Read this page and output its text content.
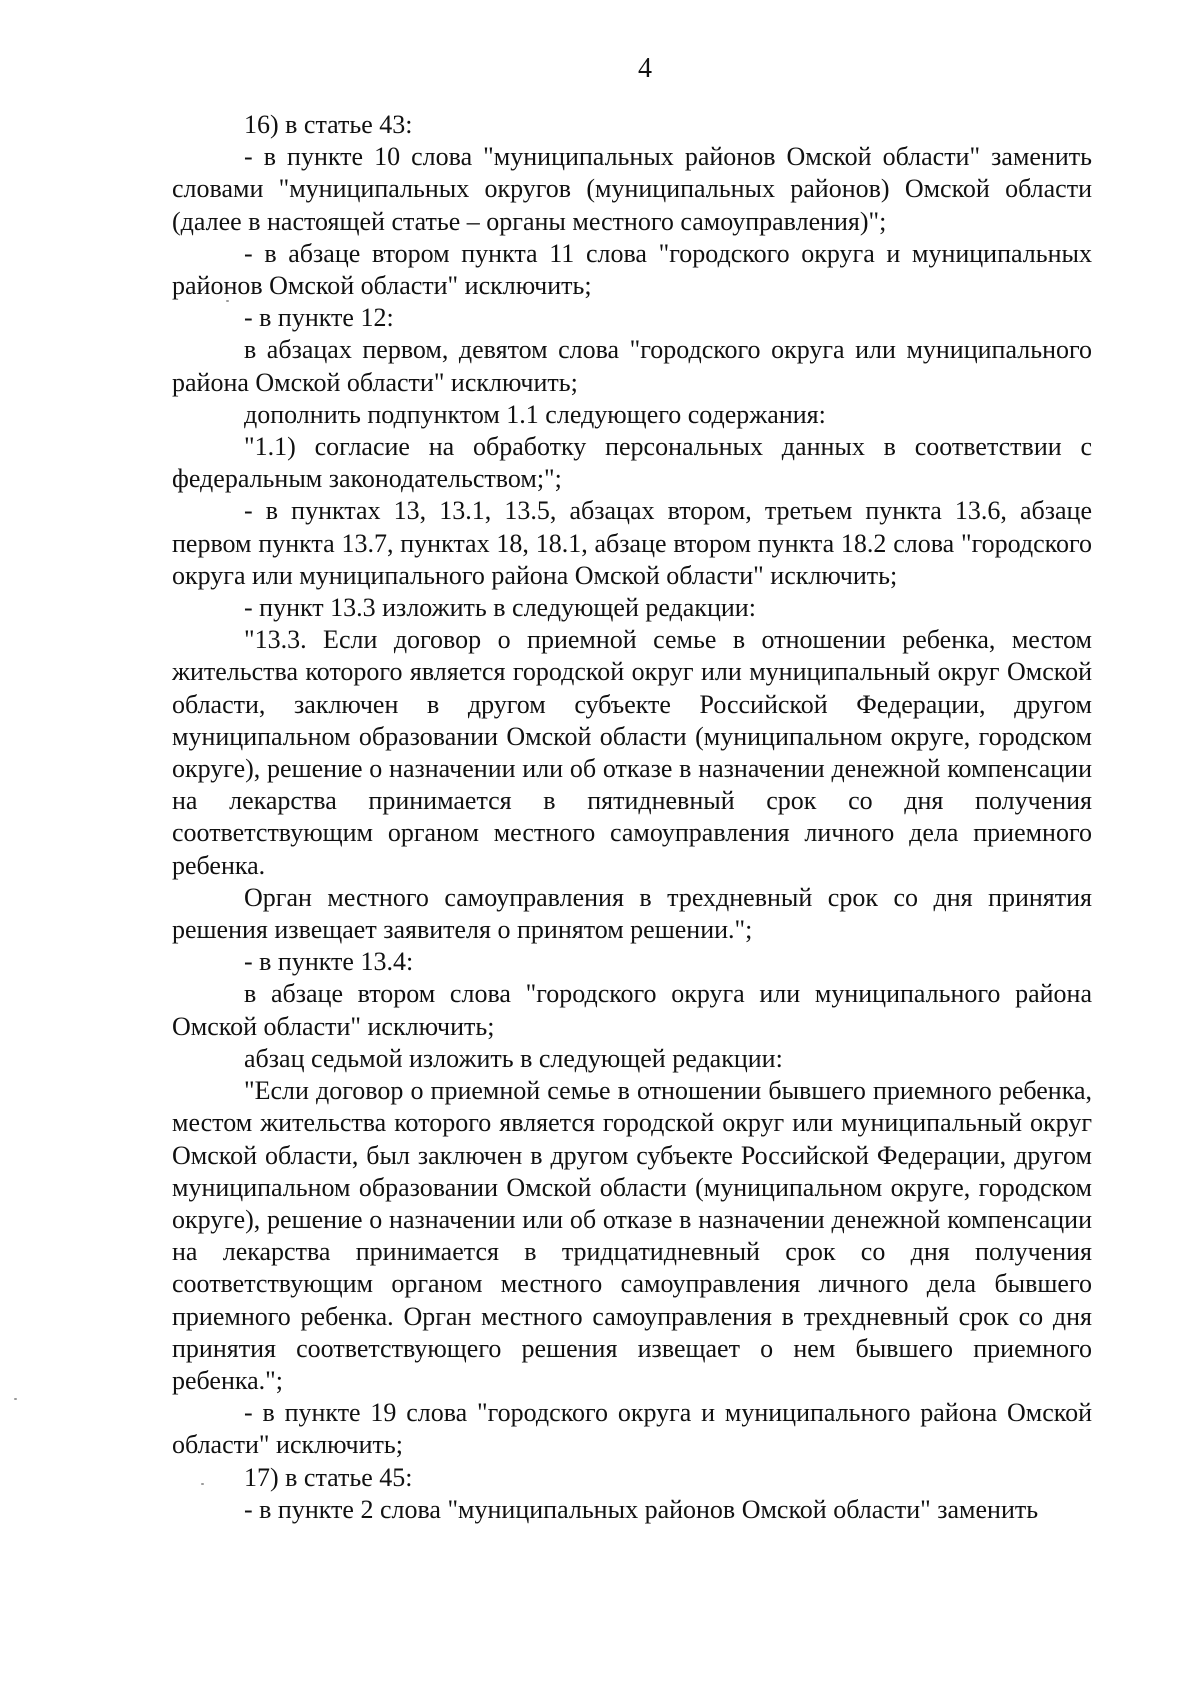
4

16) в статье 43:

- в пункте 10 слова "муниципальных районов Омской области" заменить словами "муниципальных округов (муниципальных районов) Омской области (далее в настоящей статье – органы местного самоуправления)";

- в абзаце втором пункта 11 слова "городского округа и муниципальных районов Омской области" исключить;

- в пункте 12:

в абзацах первом, девятом слова "городского округа или муниципального района Омской области" исключить;

дополнить подпунктом 1.1 следующего содержания:

"1.1) согласие на обработку персональных данных в соответствии с федеральным законодательством;";

- в пунктах 13, 13.1, 13.5, абзацах втором, третьем пункта 13.6, абзаце первом пункта 13.7, пунктах 18, 18.1, абзаце втором пункта 18.2 слова "городского округа или муниципального района Омской области" исключить;

- пункт 13.3 изложить в следующей редакции:

"13.3. Если договор о приемной семье в отношении ребенка, местом жительства которого является городской округ или муниципальный округ Омской области, заключен в другом субъекте Российской Федерации, другом муниципальном образовании Омской области (муниципальном округе, городском округе), решение о назначении или об отказе в назначении денежной компенсации на лекарства принимается в пятидневный срок со дня получения соответствующим органом местного самоуправления личного дела приемного ребенка.

Орган местного самоуправления в трехдневный срок со дня принятия решения извещает заявителя о принятом решении.";

- в пункте 13.4:

в абзаце втором слова "городского округа или муниципального района Омской области" исключить;

абзац седьмой изложить в следующей редакции:

"Если договор о приемной семье в отношении бывшего приемного ребенка, местом жительства которого является городской округ или муниципальный округ Омской области, был заключен в другом субъекте Российской Федерации, другом муниципальном образовании Омской области (муниципальном округе, городском округе), решение о назначении или об отказе в назначении денежной компенсации на лекарства принимается в тридцатидневный срок со дня получения соответствующим органом местного самоуправления личного дела бывшего приемного ребенка. Орган местного самоуправления в трехдневный срок со дня принятия соответствующего решения извещает о нем бывшего приемного ребенка.";

- в пункте 19 слова "городского округа и муниципального района Омской области" исключить;

17) в статье 45:

- в пункте 2 слова "муниципальных районов Омской области" заменить
